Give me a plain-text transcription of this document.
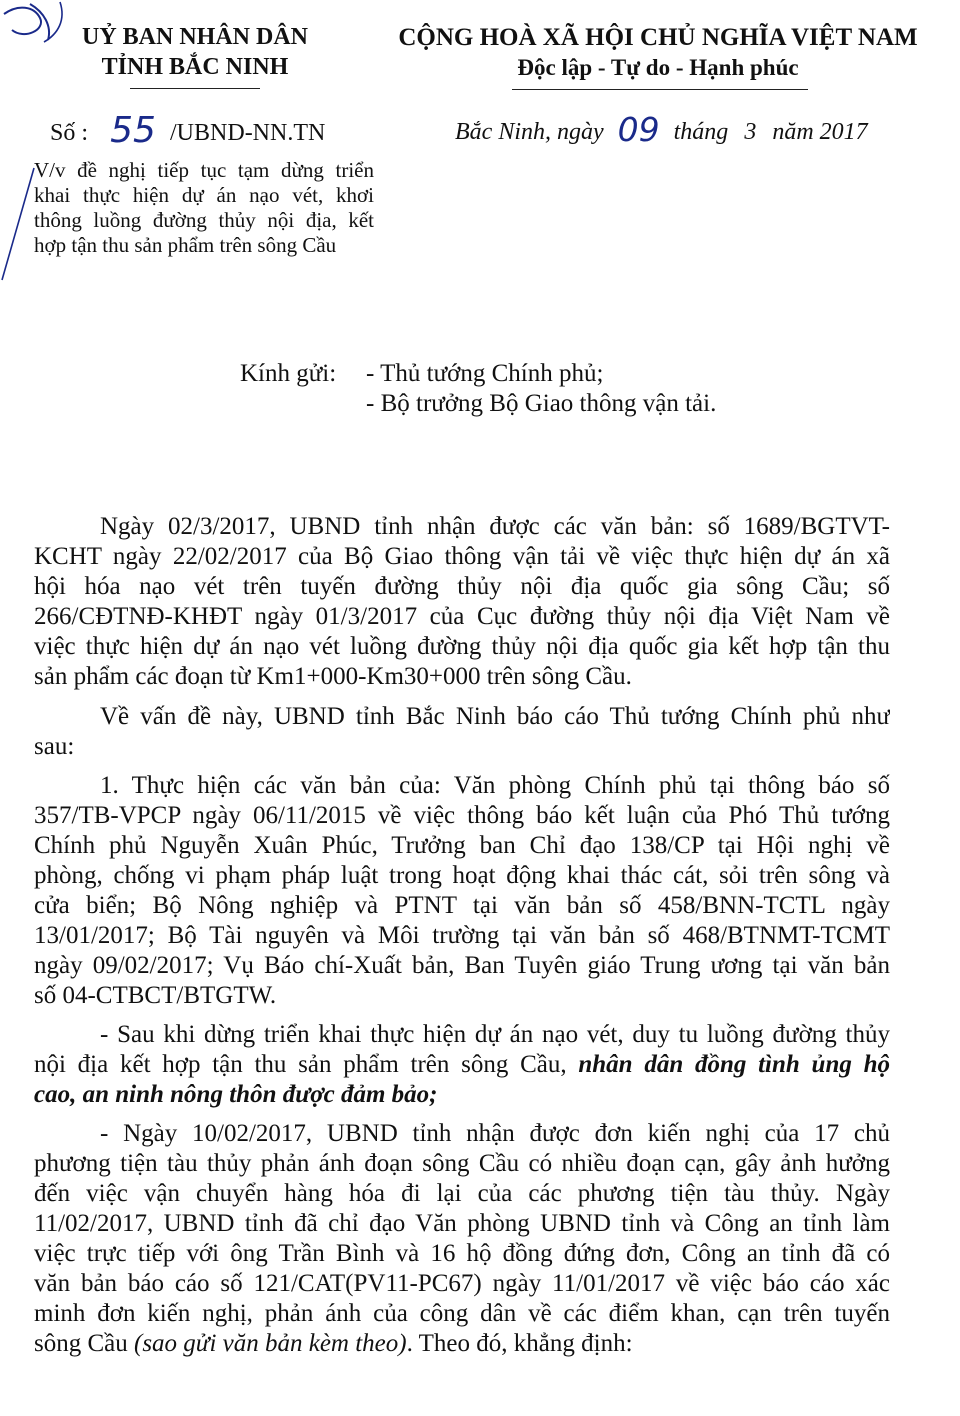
UỶ BAN NHÂN DÂN
TỈNH BẮC NINH
CỘNG HOÀ XÃ HỘI CHỦ NGHĨA VIỆT NAM
Độc lập - Tự do - Hạnh phúc
Số : 55 /UBND-NN.TN	Bắc Ninh, ngày 09 tháng 3 năm 2017
V/v đề nghị tiếp tục tạm dừng triển
khai thực hiện dự án nạo vét, khơi
thông luồng đường thủy nội địa, kết
hợp tận thu sản phẩm trên sông Cầu
Kính gửi: - Thủ tướng Chính phủ;
- Bộ trưởng Bộ Giao thông vận tải.
Ngày 02/3/2017, UBND tỉnh nhận được các văn bản: số 1689/BGTVT-
KCHT ngày 22/02/2017 của Bộ Giao thông vận tải về việc thực hiện dự án xã
hội hóa nạo vét trên tuyến đường thủy nội địa quốc gia sông Cầu; số
266/CĐTNĐ-KHĐT ngày 01/3/2017 của Cục đường thủy nội địa Việt Nam về
việc thực hiện dự án nạo vét luồng đường thủy nội địa quốc gia kết hợp tận thu
sản phẩm các đoạn từ Km1+000-Km30+000 trên sông Cầu.
Về vấn đề này, UBND tỉnh Bắc Ninh báo cáo Thủ tướng Chính phủ như
sau:
1. Thực hiện các văn bản của: Văn phòng Chính phủ tại thông báo số
357/TB-VPCP ngày 06/11/2015 về việc thông báo kết luận của Phó Thủ tướng
Chính phủ Nguyễn Xuân Phúc, Trưởng ban Chỉ đạo 138/CP tại Hội nghị về
phòng, chống vi phạm pháp luật trong hoạt động khai thác cát, sỏi trên sông và
cửa biển; Bộ Nông nghiệp và PTNT tại văn bản số 458/BNN-TCTL ngày
13/01/2017; Bộ Tài nguyên và Môi trường tại văn bản số 468/BTNMT-TCMT
ngày 09/02/2017; Vụ Báo chí-Xuất bản, Ban Tuyên giáo Trung ương tại văn bản
số 04-CTBCT/BTGTW.
- Sau khi dừng triển khai thực hiện dự án nạo vét, duy tu luồng đường thủy
nội địa kết hợp tận thu sản phẩm trên sông Cầu, nhân dân đồng tình ủng hộ
cao, an ninh nông thôn được đảm bảo;
- Ngày 10/02/2017, UBND tỉnh nhận được đơn kiến nghị của 17 chủ
phương tiện tàu thủy phản ánh đoạn sông Cầu có nhiều đoạn cạn, gây ảnh hưởng
đến việc vận chuyển hàng hóa đi lại của các phương tiện tàu thủy. Ngày
11/02/2017, UBND tỉnh đã chỉ đạo Văn phòng UBND tỉnh và Công an tỉnh làm
việc trực tiếp với ông Trần Bình và 16 hộ đồng đứng đơn, Công an tỉnh đã có
văn bản báo cáo số 121/CAT(PV11-PC67) ngày 11/01/2017 về việc báo cáo xác
minh đơn kiến nghị, phản ánh của công dân về các điểm khan, cạn trên tuyến
sông Cầu (sao gửi văn bản kèm theo). Theo đó, khẳng định:
